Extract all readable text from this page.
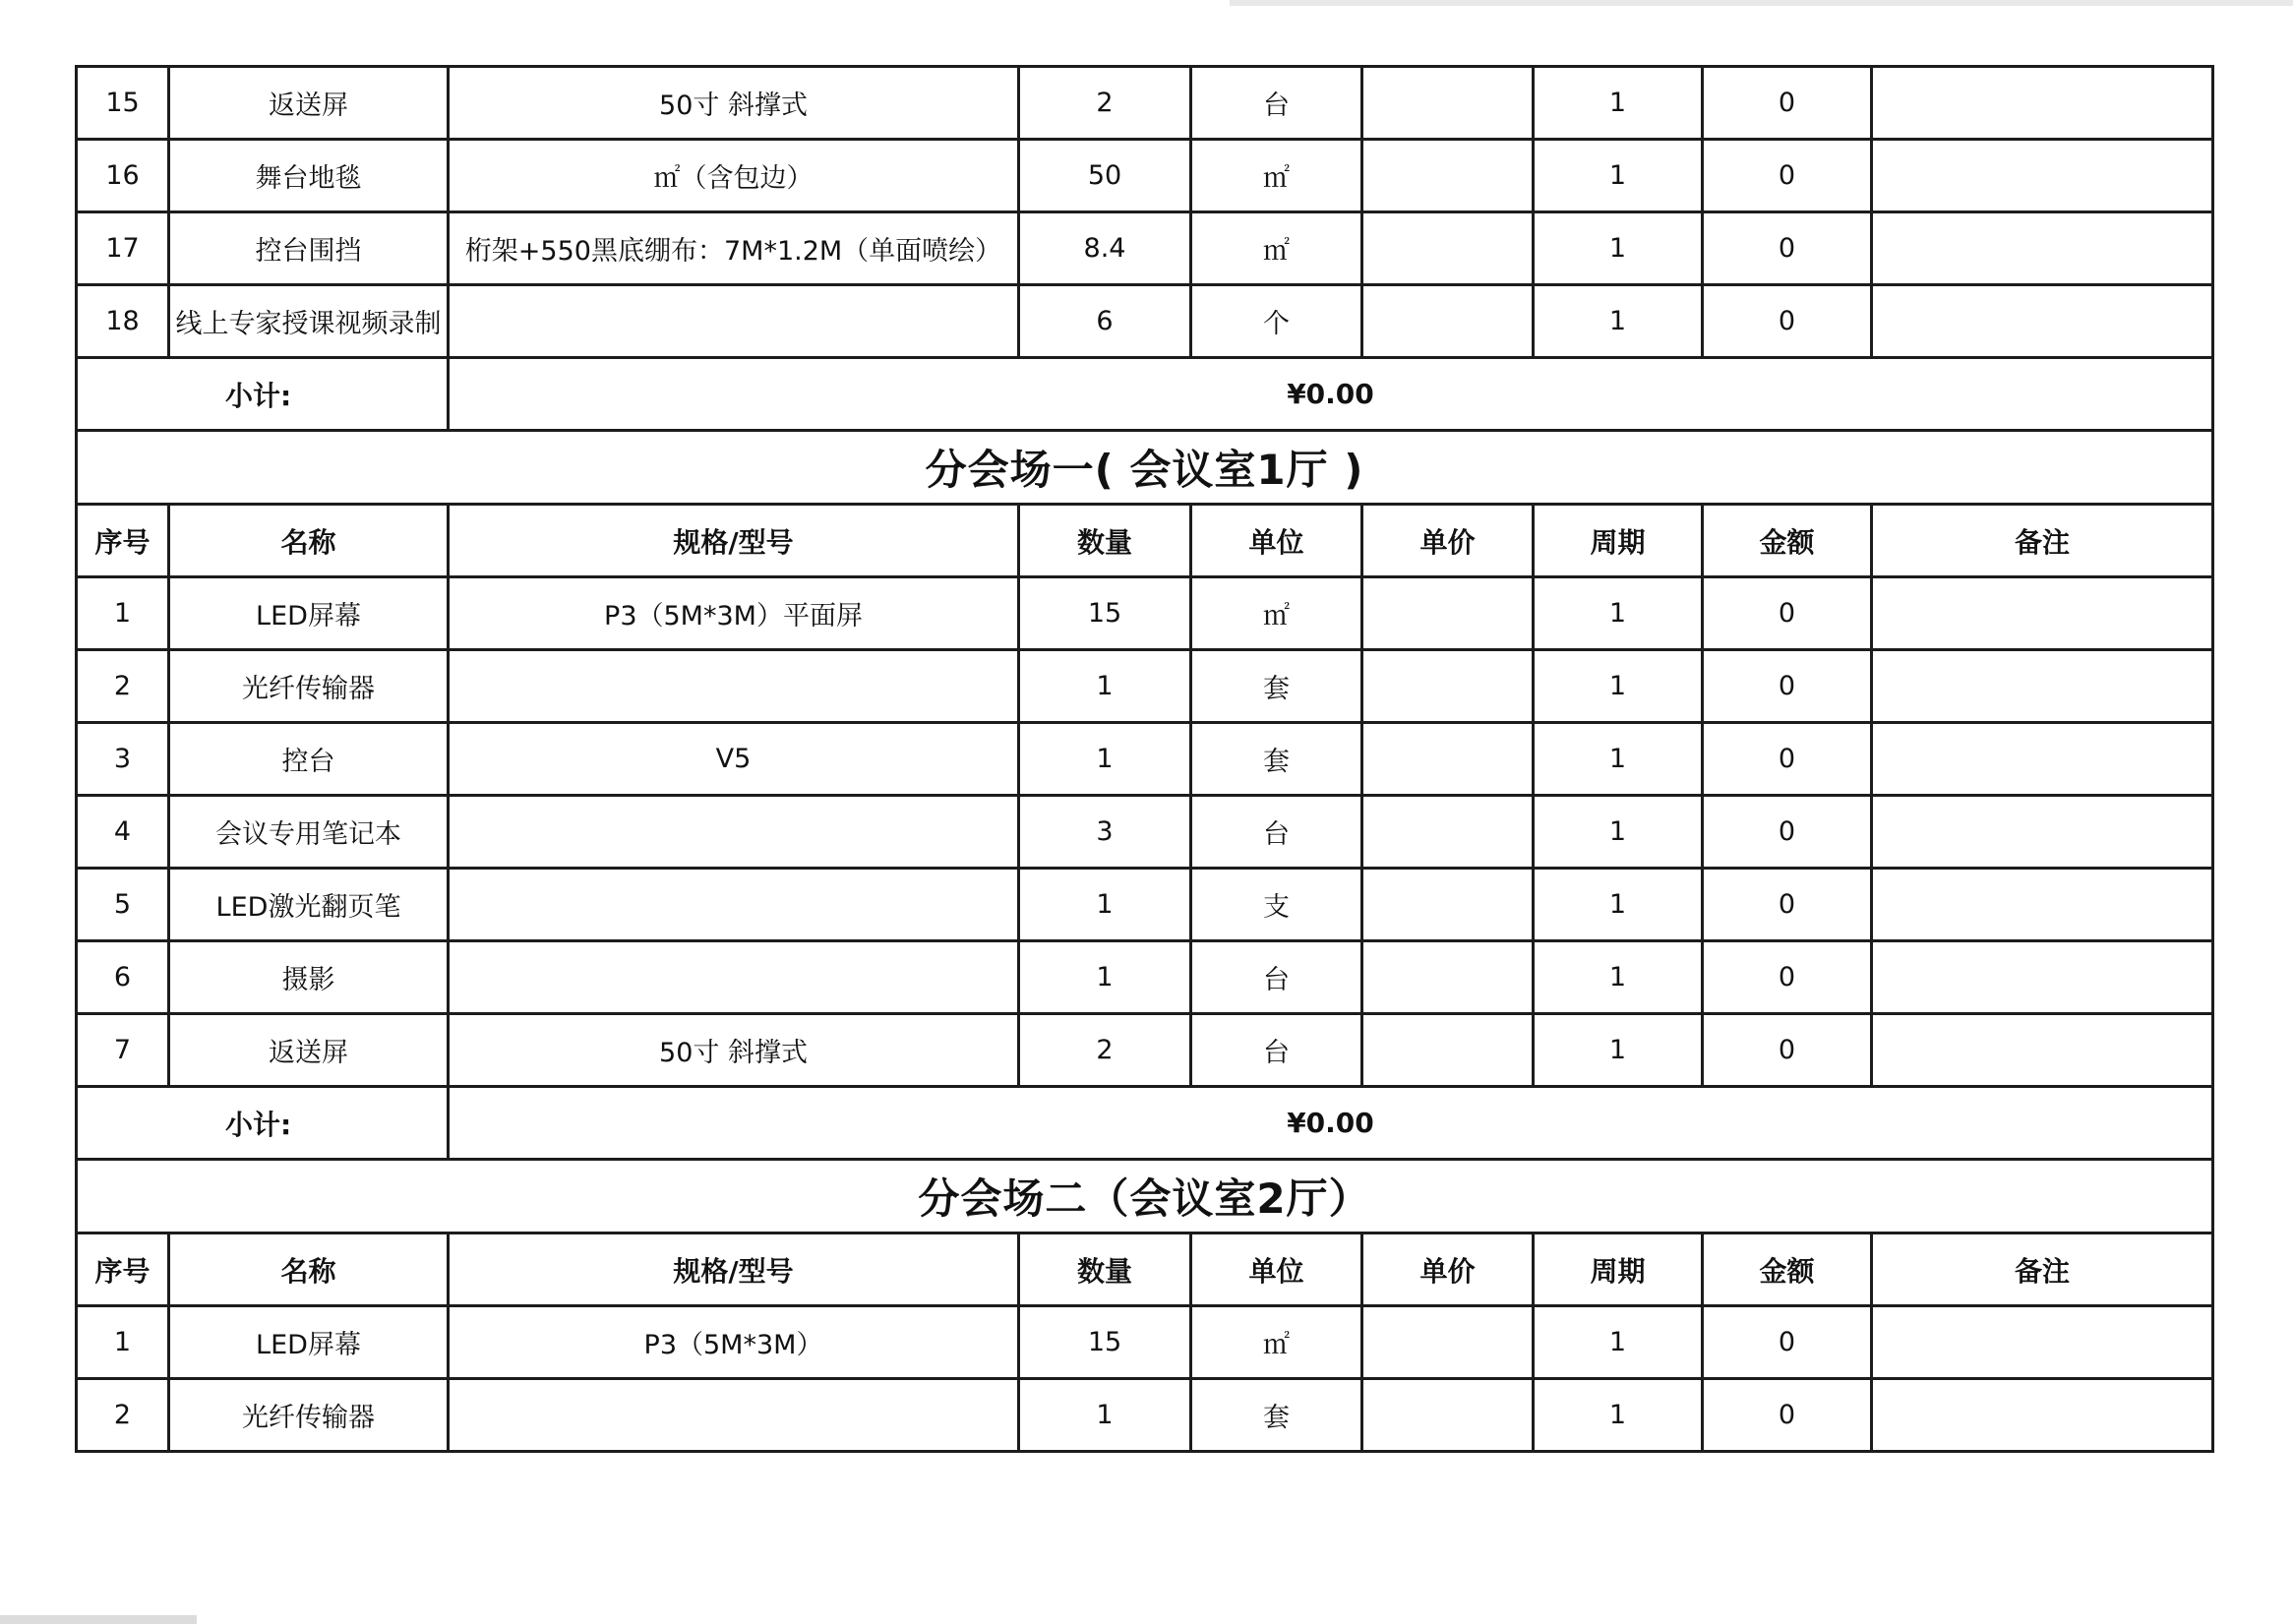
15	返送屏	50寸 斜撑式	2	台		1	0	
16	舞台地毯	㎡（含包边）	50	㎡		1	0	
17	控台围挡	桁架+550黑底绷布：7M*1.2M（单面喷绘）	8.4	㎡		1	0	
18	线上专家授课视频录制		6	个		1	0	
小计:		¥0.00						
分会场一( 会议室1厅 )								
序号	名称	规格/型号	数量	单位	单价	周期	金额	备注
1	LED屏幕	P3（5M*3M）平面屏	15	㎡		1	0	
2	光纤传输器		1	套		1	0	
3	控台	V5	1	套		1	0	
4	会议专用笔记本		3	台		1	0	
5	LED激光翻页笔		1	支		1	0	
6	摄影		1	台		1	0	
7	返送屏	50寸 斜撑式	2	台		1	0	
小计:		¥0.00						
分会场二（会议室2厅）								
序号	名称	规格/型号	数量	单位	单价	周期	金额	备注
1	LED屏幕	P3（5M*3M）	15	㎡		1	0	
2	光纤传输器		1	套		1	0	
